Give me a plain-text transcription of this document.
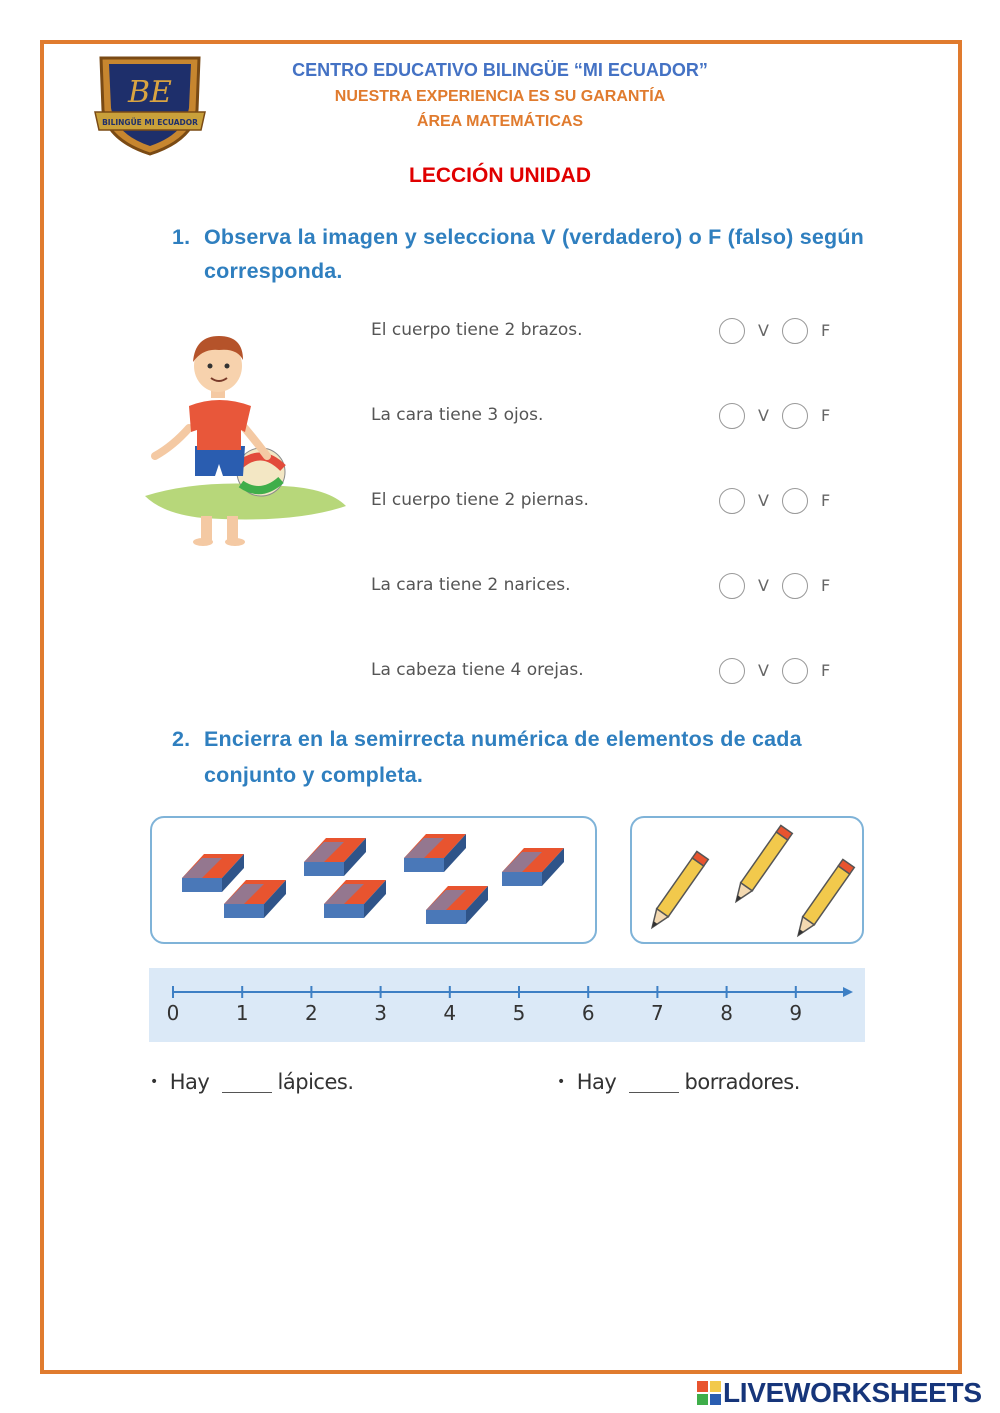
BE
BILINGÜE MI ECUADOR
CENTRO EDUCATIVO BILINGÜE “MI ECUADOR”
NUESTRA EXPERIENCIA ES SU GARANTÍA
ÁREA MATEMÁTICAS
LECCIÓN UNIDAD
1. Observa la imagen y selecciona V (verdadero) o F (falso) según corresponda.
El cuerpo tiene 2 brazos.	V	F
La cara tiene 3 ojos.	V	F
El cuerpo tiene 2 piernas.	V	F
La cara tiene 2 narices.	V	F
La cabeza tiene 4 orejas.	V	F
2. Encierra en la semirrecta numérica de elementos de cada conjunto y completa.
0	1	2	3	4	5	6	7	8	9
• Hay	lápices.	• Hay	borradores.
LIVEWORKSHEETS
